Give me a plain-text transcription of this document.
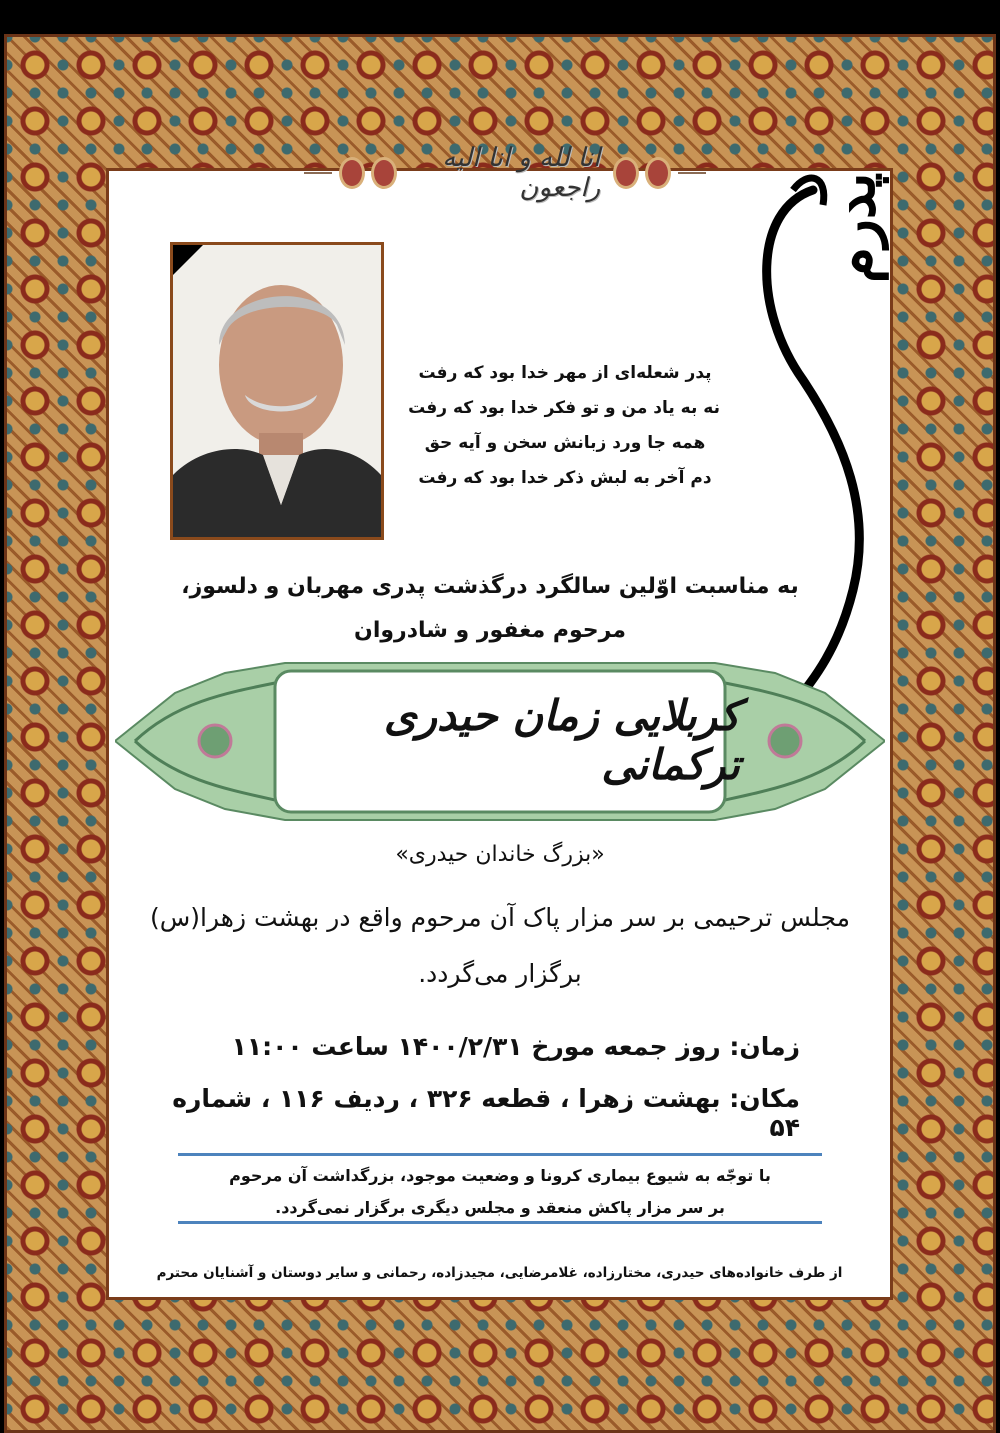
انا لله و انا الیه راجعون	پدرم
پدر شعله‌ای از مهر خدا بود که رفت
نه به یاد من و تو فکر خدا بود که رفت
همه جا ورد زبانش سخن و آیه حق
دم آخر به لبش ذکر خدا بود که رفت
به مناسبت اوّلین سالگرد درگذشت پدری مهربان و دلسوز،
مرحوم مغفور و شادروان
کربلایی زمان حیدری ترکمانی
«بزرگ خاندان حیدری»
مجلس ترحیمی بر سر مزار پاک آن مرحوم واقع در بهشت زهرا(س)
برگزار می‌گردد.
زمان: روز جمعه مورخ ۱۴۰۰/۲/۳۱ ساعت ۱۱:۰۰
مکان: بهشت زهرا ، قطعه ۳۲۶ ، ردیف ۱۱۶ ، شماره ۵۴
با توجّه به شیوع بیماری کرونا و وضعیت موجود، بزرگداشت آن مرحوم
بر سر مزار پاکش منعقد و مجلس دیگری برگزار نمی‌گردد.
از طرف خانواده‌های حیدری، مختارزاده، غلامرضایی، مجیدزاده، رحمانی و سایر دوستان و آشنایان محترم
